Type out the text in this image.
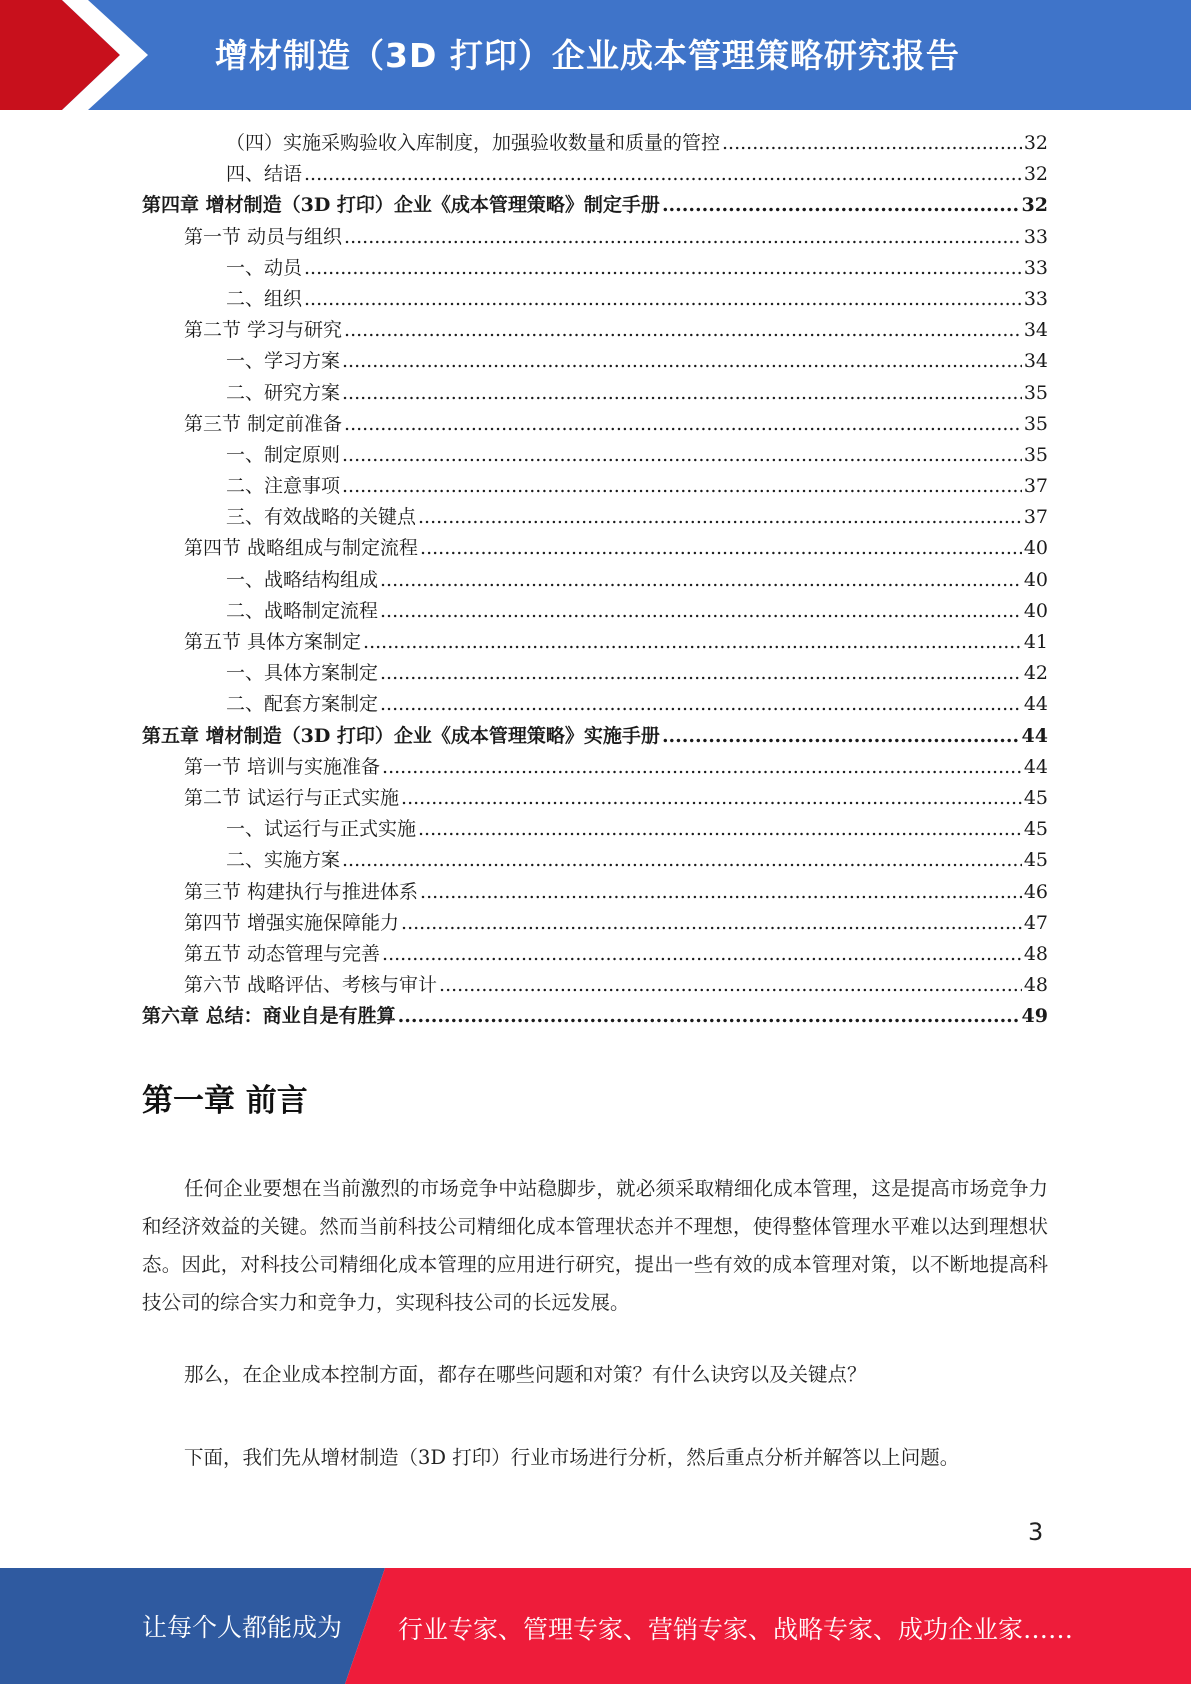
增材制造（3D 打印）企业成本管理策略研究报告
（四）实施采购验收入库制度，加强验收数量和质量的管控 .....	32
四、结语 .....	32
第四章 增材制造（3D 打印）企业《成本管理策略》制定手册 .....	32
第一节 动员与组织 .....	33
一、动员 .....	33
二、组织 .....	33
第二节 学习与研究 .....	34
一、学习方案 .....	34
二、研究方案 .....	35
第三节 制定前准备 .....	35
一、制定原则 .....	35
二、注意事项 .....	37
三、有效战略的关键点 .....	37
第四节 战略组成与制定流程 .....	40
一、战略结构组成 .....	40
二、战略制定流程 .....	40
第五节 具体方案制定 .....	41
一、具体方案制定 .....	42
二、配套方案制定 .....	44
第五章 增材制造（3D 打印）企业《成本管理策略》实施手册 .....	44
第一节 培训与实施准备 .....	44
第二节 试运行与正式实施 .....	45
一、试运行与正式实施 .....	45
二、实施方案 .....	45
第三节 构建执行与推进体系 .....	46
第四节 增强实施保障能力 .....	47
第五节 动态管理与完善 .....	48
第六节 战略评估、考核与审计 .....	48
第六章 总结：商业自是有胜算 .....	49
第一章 前言

任何企业要想在当前激烈的市场竞争中站稳脚步，就必须采取精细化成本管理，这是提高市场竞争力和经济效益的关键。然而当前科技公司精细化成本管理状态并不理想，使得整体管理水平难以达到理想状态。因此，对科技公司精细化成本管理的应用进行研究，提出一些有效的成本管理对策，以不断地提高科技公司的综合实力和竞争力，实现科技公司的长远发展。

那么，在企业成本控制方面，都存在哪些问题和对策？有什么诀窍以及关键点？

下面，我们先从增材制造（3D 打印）行业市场进行分析，然后重点分析并解答以上问题。

3
让每个人都能成为 行业专家、管理专家、营销专家、战略专家、成功企业家……
